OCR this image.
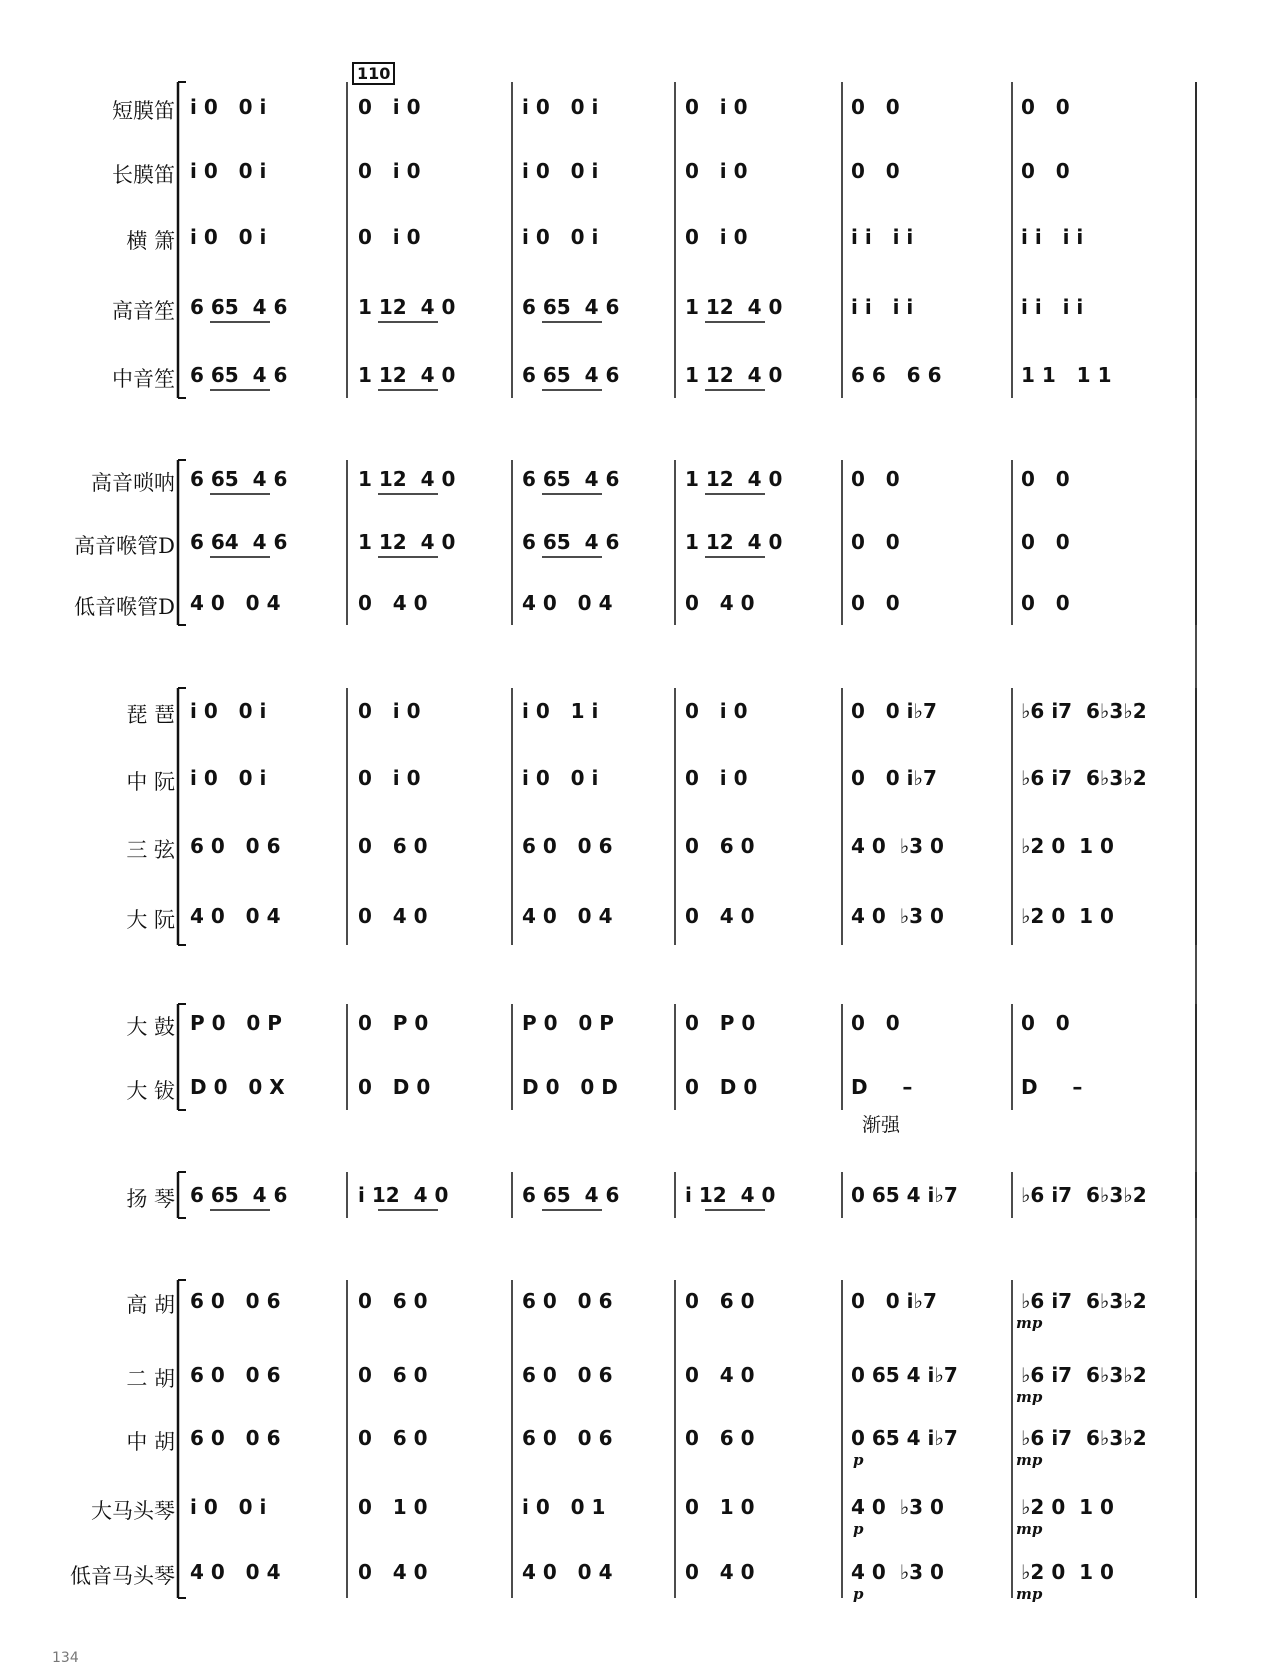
110
短膜笛 i 0   0 i	0   i 0	i 0   0 i	0   i 0	0   0	0   0
长膜笛 i 0   0 i	0   i 0	i 0   0 i	0   i 0	0   0	0   0
横 箫 i 0   0 i	0   i 0	i 0   0 i	0   i 0	i i   i i	i i   i i
高音笙 6 65  4 6	1 12  4 0	6 65  4 6	1 12  4 0	i i   i i	i i   i i
中音笙 6 65  4 6	1 12  4 0	6 65  4 6	1 12  4 0	6 6   6 6	1 1   1 1
高音唢呐 6 65  4 6	1 12  4 0	6 65  4 6	1 12  4 0	0   0	0   0
高音喉管D 6 64  4 6	1 12  4 0	6 65  4 6	1 12  4 0	0   0	0   0
低音喉管D 4 0   0 4	0   4 0	4 0   0 4	0   4 0	0   0	0   0
琵 琶 i 0   0 i	0   i 0	i 0   1 i	0   i 0	0   0 i♭7	♭6 i7  6♭3♭2
中 阮 i 0   0 i	0   i 0	i 0   0 i	0   i 0	0   0 i♭7	♭6 i7  6♭3♭2
三 弦 6 0   0 6	0   6 0	6 0   0 6	0   6 0	4 0  ♭3 0	♭2 0  1 0
大 阮 4 0   0 4	0   4 0	4 0   0 4	0   4 0	4 0  ♭3 0	♭2 0  1 0
大 鼓 P 0   0 P	0   P 0	P 0   0 P	0   P 0	0   0	0   0
大 钹 D 0   0 X	0   D 0	D 0   0 D	0   D 0	D     –	D     –
扬 琴 6 65  4 6	i 12  4 0	6 65  4 6	i 12  4 0	0 65 4 i♭7	♭6 i7  6♭3♭2
高 胡 6 0   0 6	0   6 0	6 0   0 6	0   6 0	0   0 i♭7	♭6 i7  6♭3♭2
mp
二 胡 6 0   0 6	0   6 0	6 0   0 6	0   4 0	0 65 4 i♭7	♭6 i7  6♭3♭2
mp
中 胡 6 0   0 6	0   6 0	6 0   0 6	0   6 0	0 65 4 i♭7	♭6 i7  6♭3♭2
p	mp
大马头琴 i 0   0 i	0   1 0	i 0   0 1	0   1 0	4 0  ♭3 0	♭2 0  1 0
p	mp
低音马头琴 4 0   0 4	0   4 0	4 0   0 4	0   4 0	4 0  ♭3 0	♭2 0  1 0
p	mp
渐强
134
